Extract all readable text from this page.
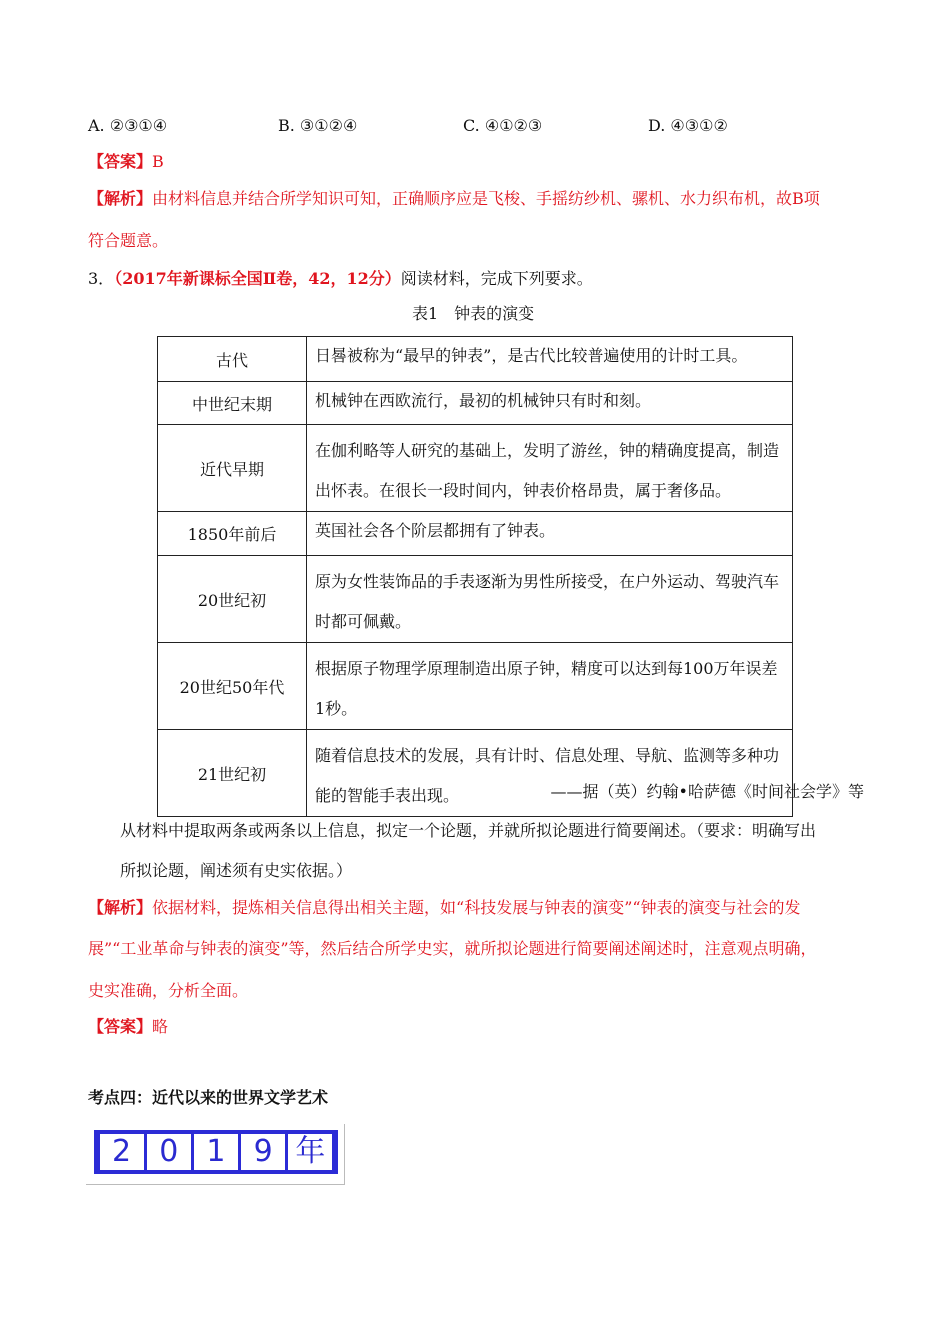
A. ②③①④	B. ③①②④	C. ④①②③	D. ④③①②
【答案】B
【解析】由材料信息并结合所学知识可知，正确顺序应是飞梭、手摇纺纱机、骡机、水力织布机，故B项
符合题意。
3．（2017年新课标全国Ⅱ卷，42，12分）阅读材料，完成下列要求。
表1　钟表的演变
古代	日晷被称为“最早的钟表”，是古代比较普遍使用的计时工具。
中世纪末期	机械钟在西欧流行，最初的机械钟只有时和刻。
近代早期	在伽利略等人研究的基础上，发明了游丝，钟的精确度提高，制造出怀表。在很长一段时间内，钟表价格昂贵，属于奢侈品。
1850年前后	英国社会各个阶层都拥有了钟表。
20世纪初	原为女性装饰品的手表逐渐为男性所接受，在户外运动、驾驶汽车时都可佩戴。
20世纪50年代	根据原子物理学原理制造出原子钟，精度可以达到每100万年误差1秒。
21世纪初	随着信息技术的发展，具有计时、信息处理、导航、监测等多种功能的智能手表出现。	——据（英）约翰•哈萨德《时间社会学》等
从材料中提取两条或两条以上信息，拟定一个论题，并就所拟论题进行简要阐述。（要求：明确写出
所拟论题，阐述须有史实依据。）
【解析】依据材料，提炼相关信息得出相关主题，如“科技发展与钟表的演变”“钟表的演变与社会的发
展”“工业革命与钟表的演变”等，然后结合所学史实，就所拟论题进行简要阐述阐述时，注意观点明确，
史实准确，分析全面。
【答案】略
考点四：近代以来的世界文学艺术
2 0 1 9 年
